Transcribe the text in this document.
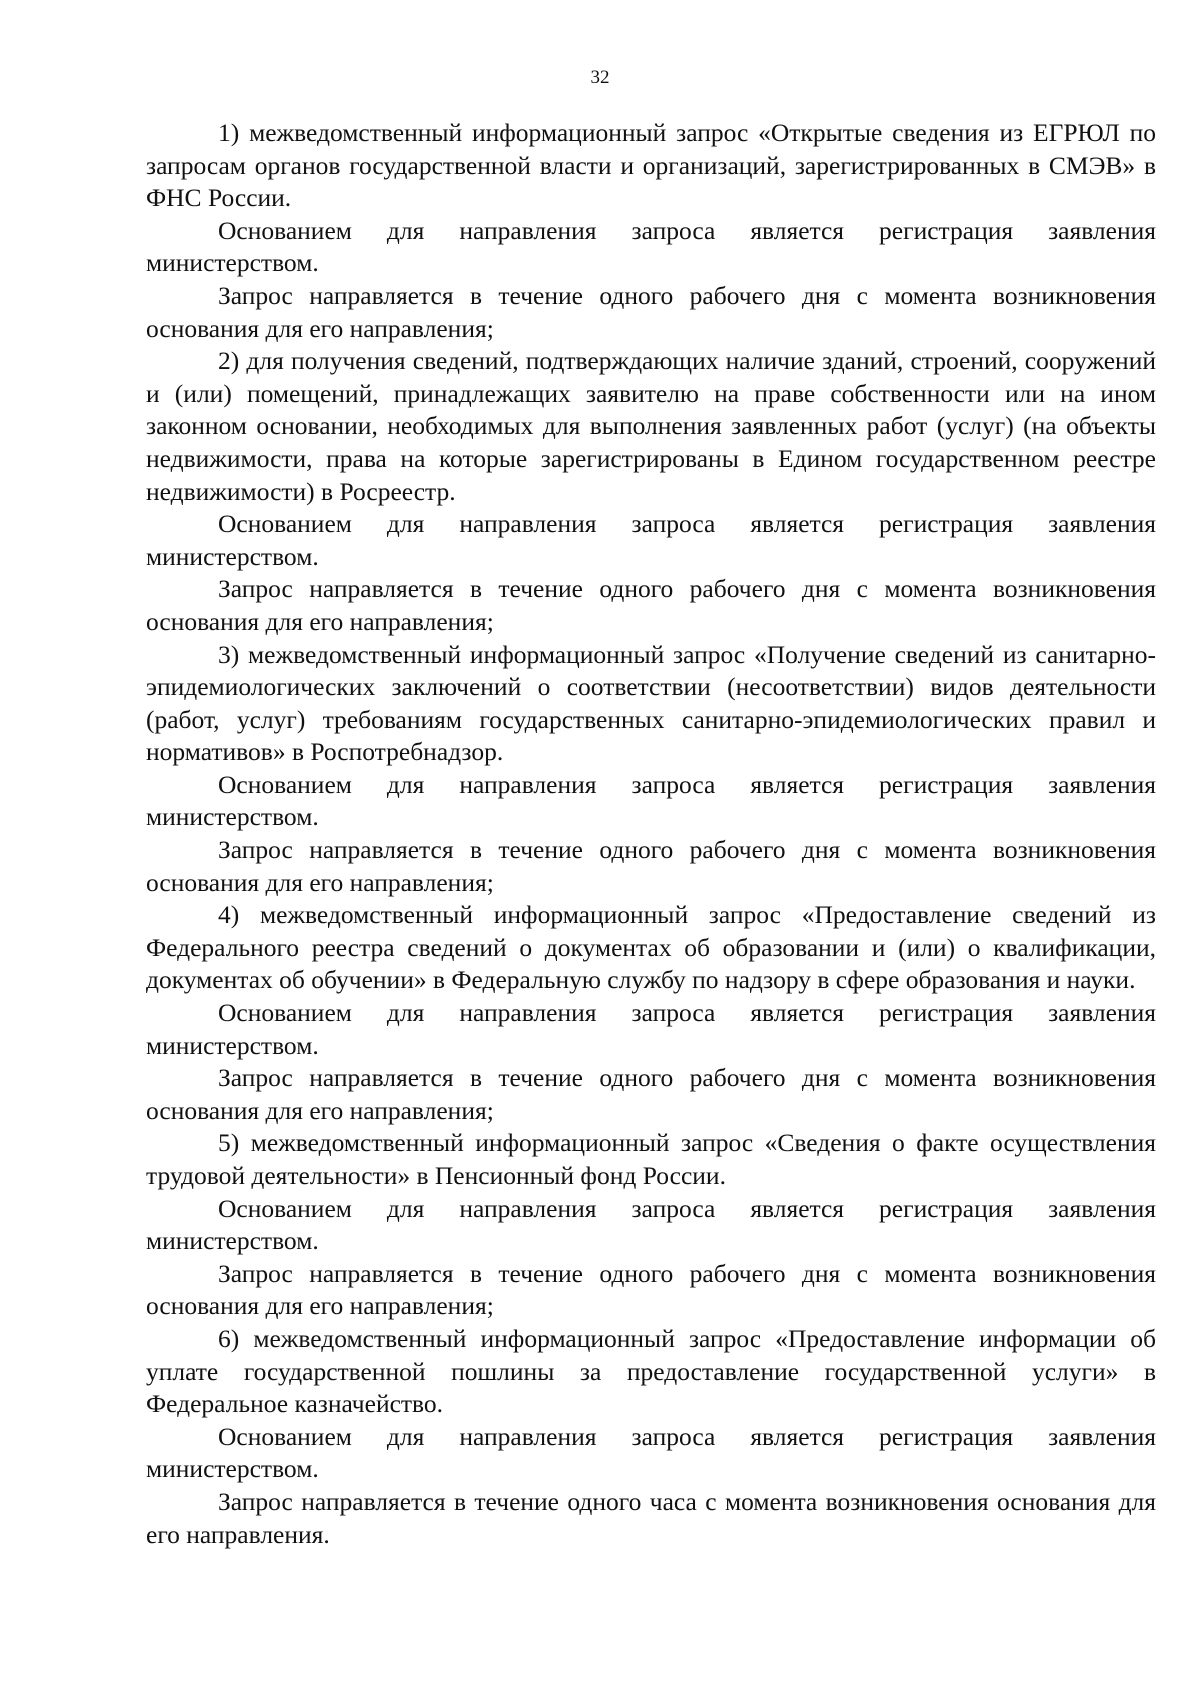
32

1) межведомственный информационный запрос «Открытые сведения из ЕГРЮЛ по запросам органов государственной власти и организаций, зарегистрированных в СМЭВ» в ФНС России.

Основанием для направления запроса является регистрация заявления министерством.

Запрос направляется в течение одного рабочего дня с момента возникновения основания для его направления;

2) для получения сведений, подтверждающих наличие зданий, строений, сооружений и (или) помещений, принадлежащих заявителю на праве собственности или на ином законном основании, необходимых для выполнения заявленных работ (услуг) (на объекты недвижимости, права на которые зарегистрированы в Едином государственном реестре недвижимости) в Росреестр.

Основанием для направления запроса является регистрация заявления министерством.

Запрос направляется в течение одного рабочего дня с момента возникновения основания для его направления;

3) межведомственный информационный запрос «Получение сведений из санитарно-эпидемиологических заключений о соответствии (несоответствии) видов деятельности (работ, услуг) требованиям государственных санитарно-эпидемиологических правил и нормативов» в Роспотребнадзор.

Основанием для направления запроса является регистрация заявления министерством.

Запрос направляется в течение одного рабочего дня с момента возникновения основания для его направления;

4) межведомственный информационный запрос «Предоставление сведений из Федерального реестра сведений о документах об образовании и (или) о квалификации, документах об обучении» в Федеральную службу по надзору в сфере образования и науки.

Основанием для направления запроса является регистрация заявления министерством.

Запрос направляется в течение одного рабочего дня с момента возникновения основания для его направления;

5) межведомственный информационный запрос «Сведения о факте осуществления трудовой деятельности» в Пенсионный фонд России.

Основанием для направления запроса является регистрация заявления министерством.

Запрос направляется в течение одного рабочего дня с момента возникновения основания для его направления;

6) межведомственный информационный запрос «Предоставление информации об уплате государственной пошлины за предоставление государственной услуги» в Федеральное казначейство.

Основанием для направления запроса является регистрация заявления министерством.

Запрос направляется в течение одного часа с момента возникновения основания для его направления.
